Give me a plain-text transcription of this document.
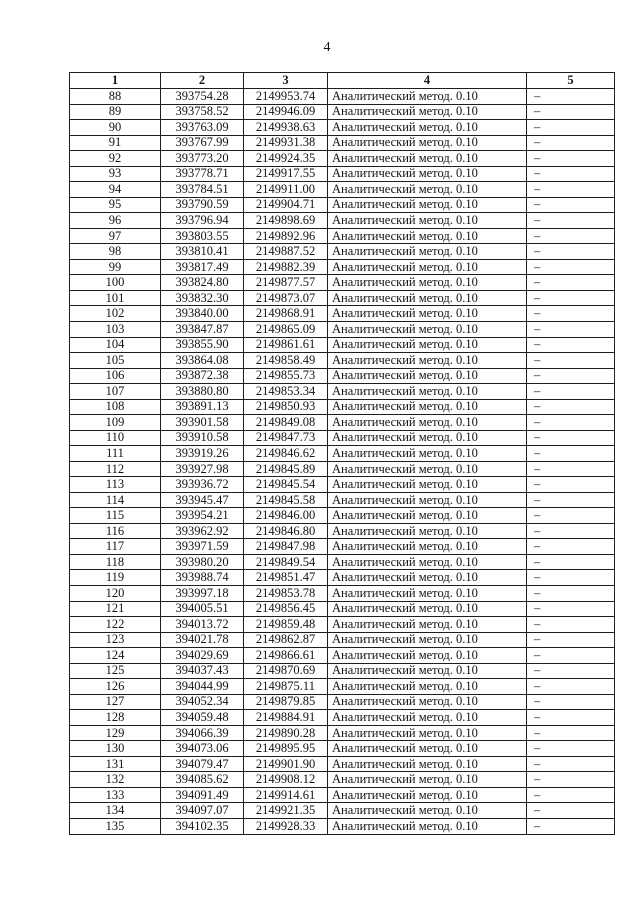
4
1	2	3	4	5
88	393754.28	2149953.74	Аналитический метод. 0.10	–
89	393758.52	2149946.09	Аналитический метод. 0.10	–
90	393763.09	2149938.63	Аналитический метод. 0.10	–
91	393767.99	2149931.38	Аналитический метод. 0.10	–
92	393773.20	2149924.35	Аналитический метод. 0.10	–
93	393778.71	2149917.55	Аналитический метод. 0.10	–
94	393784.51	2149911.00	Аналитический метод. 0.10	–
95	393790.59	2149904.71	Аналитический метод. 0.10	–
96	393796.94	2149898.69	Аналитический метод. 0.10	–
97	393803.55	2149892.96	Аналитический метод. 0.10	–
98	393810.41	2149887.52	Аналитический метод. 0.10	–
99	393817.49	2149882.39	Аналитический метод. 0.10	–
100	393824.80	2149877.57	Аналитический метод. 0.10	–
101	393832.30	2149873.07	Аналитический метод. 0.10	–
102	393840.00	2149868.91	Аналитический метод. 0.10	–
103	393847.87	2149865.09	Аналитический метод. 0.10	–
104	393855.90	2149861.61	Аналитический метод. 0.10	–
105	393864.08	2149858.49	Аналитический метод. 0.10	–
106	393872.38	2149855.73	Аналитический метод. 0.10	–
107	393880.80	2149853.34	Аналитический метод. 0.10	–
108	393891.13	2149850.93	Аналитический метод. 0.10	–
109	393901.58	2149849.08	Аналитический метод. 0.10	–
110	393910.58	2149847.73	Аналитический метод. 0.10	–
111	393919.26	2149846.62	Аналитический метод. 0.10	–
112	393927.98	2149845.89	Аналитический метод. 0.10	–
113	393936.72	2149845.54	Аналитический метод. 0.10	–
114	393945.47	2149845.58	Аналитический метод. 0.10	–
115	393954.21	2149846.00	Аналитический метод. 0.10	–
116	393962.92	2149846.80	Аналитический метод. 0.10	–
117	393971.59	2149847.98	Аналитический метод. 0.10	–
118	393980.20	2149849.54	Аналитический метод. 0.10	–
119	393988.74	2149851.47	Аналитический метод. 0.10	–
120	393997.18	2149853.78	Аналитический метод. 0.10	–
121	394005.51	2149856.45	Аналитический метод. 0.10	–
122	394013.72	2149859.48	Аналитический метод. 0.10	–
123	394021.78	2149862.87	Аналитический метод. 0.10	–
124	394029.69	2149866.61	Аналитический метод. 0.10	–
125	394037.43	2149870.69	Аналитический метод. 0.10	–
126	394044.99	2149875.11	Аналитический метод. 0.10	–
127	394052.34	2149879.85	Аналитический метод. 0.10	–
128	394059.48	2149884.91	Аналитический метод. 0.10	–
129	394066.39	2149890.28	Аналитический метод. 0.10	–
130	394073.06	2149895.95	Аналитический метод. 0.10	–
131	394079.47	2149901.90	Аналитический метод. 0.10	–
132	394085.62	2149908.12	Аналитический метод. 0.10	–
133	394091.49	2149914.61	Аналитический метод. 0.10	–
134	394097.07	2149921.35	Аналитический метод. 0.10	–
135	394102.35	2149928.33	Аналитический метод. 0.10	–
